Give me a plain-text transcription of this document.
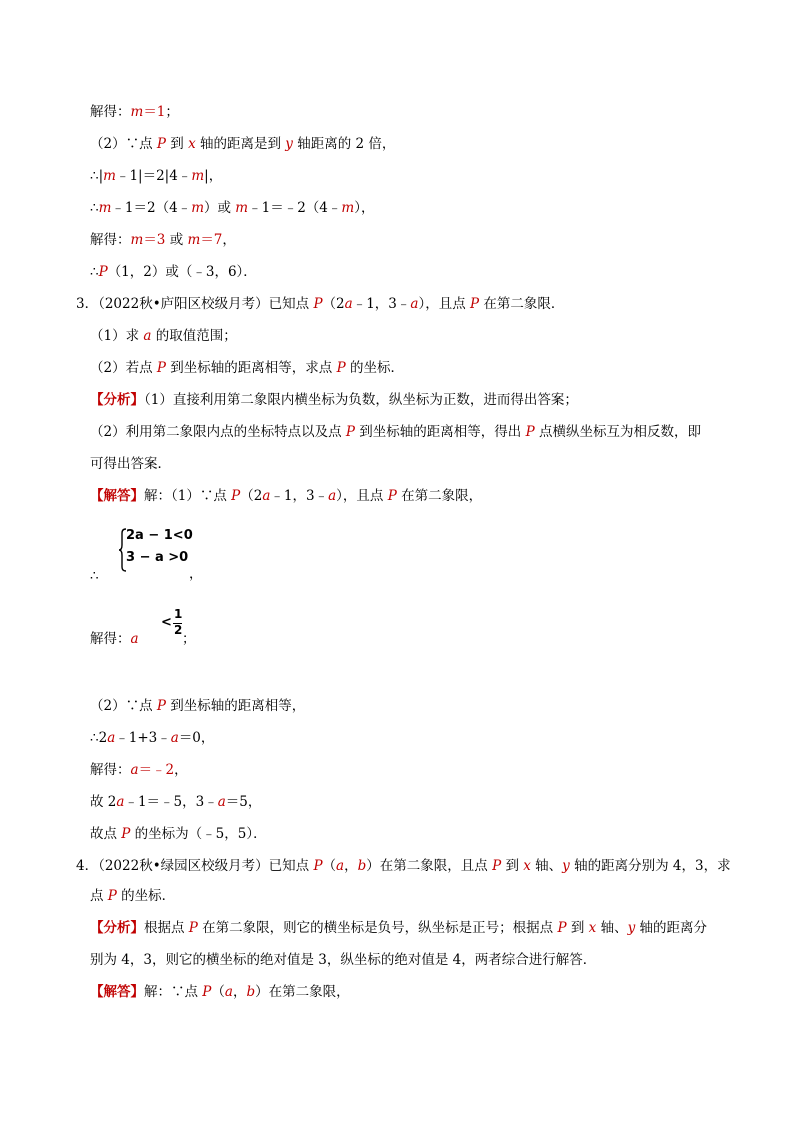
解得：m＝1；
（2）∵点 P 到 x 轴的距离是到 y 轴距离的 2 倍，
∴|m﹣1|＝2|4﹣m|，
∴m﹣1＝2（4﹣m）或 m﹣1＝﹣2（4﹣m），
解得：m＝3 或 m＝7，
∴P（1，2）或（﹣3，6）．
3．（2022秋•庐阳区校级月考）已知点 P（2a﹣1，3﹣a），且点 P 在第二象限．
（1）求 a 的取值范围；
（2）若点 P 到坐标轴的距离相等，求点 P 的坐标．
【分析】（1）直接利用第二象限内横坐标为负数，纵坐标为正数，进而得出答案；
（2）利用第二象限内点的坐标特点以及点 P 到坐标轴的距离相等，得出 P 点横纵坐标互为相反数，即
可得出答案．
【解答】解：（1）∵点 P（2a﹣1，3﹣a），且点 P 在第二象限，
2a − 1<0
3 − a >0
∴	，
解得：a
<
1
2
；
（2）∵点 P 到坐标轴的距离相等，
∴2a﹣1+3﹣a＝0，
解得：a＝﹣2，
故 2a﹣1＝﹣5，3﹣a＝5，
故点 P 的坐标为（﹣5，5）．
4．（2022秋•绿园区校级月考）已知点 P（a，b）在第二象限，且点 P 到 x 轴、y 轴的距离分别为 4，3，求
点 P 的坐标．
【分析】根据点 P 在第二象限，则它的横坐标是负号，纵坐标是正号；根据点 P 到 x 轴、y 轴的距离分
别为 4，3，则它的横坐标的绝对值是 3，纵坐标的绝对值是 4，两者综合进行解答．
【解答】解：∵点 P（a，b）在第二象限，
